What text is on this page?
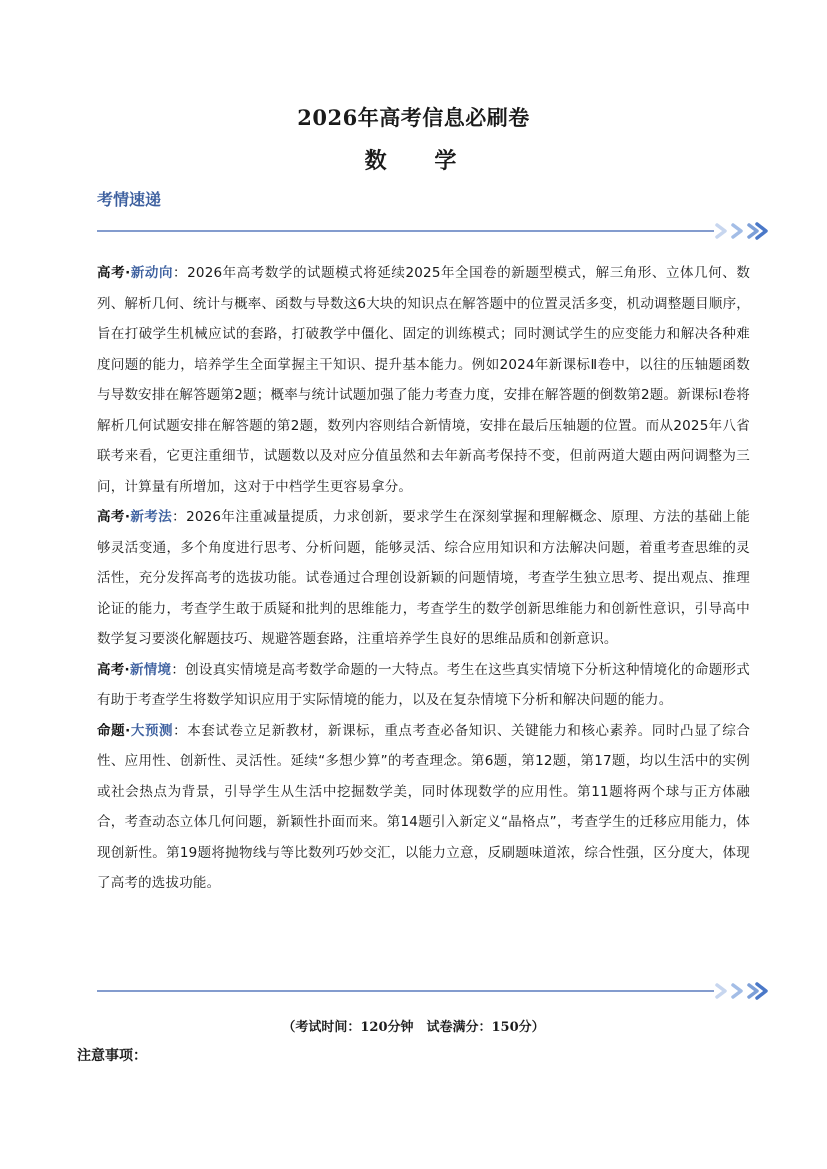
2026年高考信息必刷卷
数 学
考情速递

高考·新动向：2026年高考数学的试题模式将延续2025年全国卷的新题型模式，解三角形、立体几何、数列、解析几何、统计与概率、函数与导数这6大块的知识点在解答题中的位置灵活多变，机动调整题目顺序，旨在打破学生机械应试的套路，打破教学中僵化、固定的训练模式；同时测试学生的应变能力和解决各种难度问题的能力，培养学生全面掌握主干知识、提升基本能力。例如2024年新课标Ⅱ卷中，以往的压轴题函数与导数安排在解答题第2题；概率与统计试题加强了能力考查力度，安排在解答题的倒数第2题。新课标Ⅰ卷将解析几何试题安排在解答题的第2题，数列内容则结合新情境，安排在最后压轴题的位置。而从2025年八省联考来看，它更注重细节，试题数以及对应分值虽然和去年新高考保持不变，但前两道大题由两问调整为三问，计算量有所增加，这对于中档学生更容易拿分。

高考·新考法：2026年注重减量提质，力求创新，要求学生在深刻掌握和理解概念、原理、方法的基础上能够灵活变通，多个角度进行思考、分析问题，能够灵活、综合应用知识和方法解决问题，着重考查思维的灵活性，充分发挥高考的选拔功能。试卷通过合理创设新颖的问题情境，考查学生独立思考、提出观点、推理论证的能力，考查学生敢于质疑和批判的思维能力，考查学生的数学创新思维能力和创新性意识，引导高中数学复习要淡化解题技巧、规避答题套路，注重培养学生良好的思维品质和创新意识。

高考·新情境：创设真实情境是高考数学命题的一大特点。考生在这些真实情境下分析这种情境化的命题形式有助于考查学生将数学知识应用于实际情境的能力，以及在复杂情境下分析和解决问题的能力。

命题·大预测：本套试卷立足新教材，新课标，重点考查必备知识、关键能力和核心素养。同时凸显了综合性、应用性、创新性、灵活性。延续“多想少算”的考查理念。第6题，第12题，第17题，均以生活中的实例或社会热点为背景，引导学生从生活中挖掘数学美，同时体现数学的应用性。第11题将两个球与正方体融合，考查动态立体几何问题，新颖性扑面而来。第14题引入新定义“晶格点”，考查学生的迁移应用能力，体现创新性。第19题将抛物线与等比数列巧妙交汇，以能力立意，反刷题味道浓，综合性强，区分度大，体现了高考的选拔功能。

（考试时间：120分钟　试卷满分：150分）
注意事项：
